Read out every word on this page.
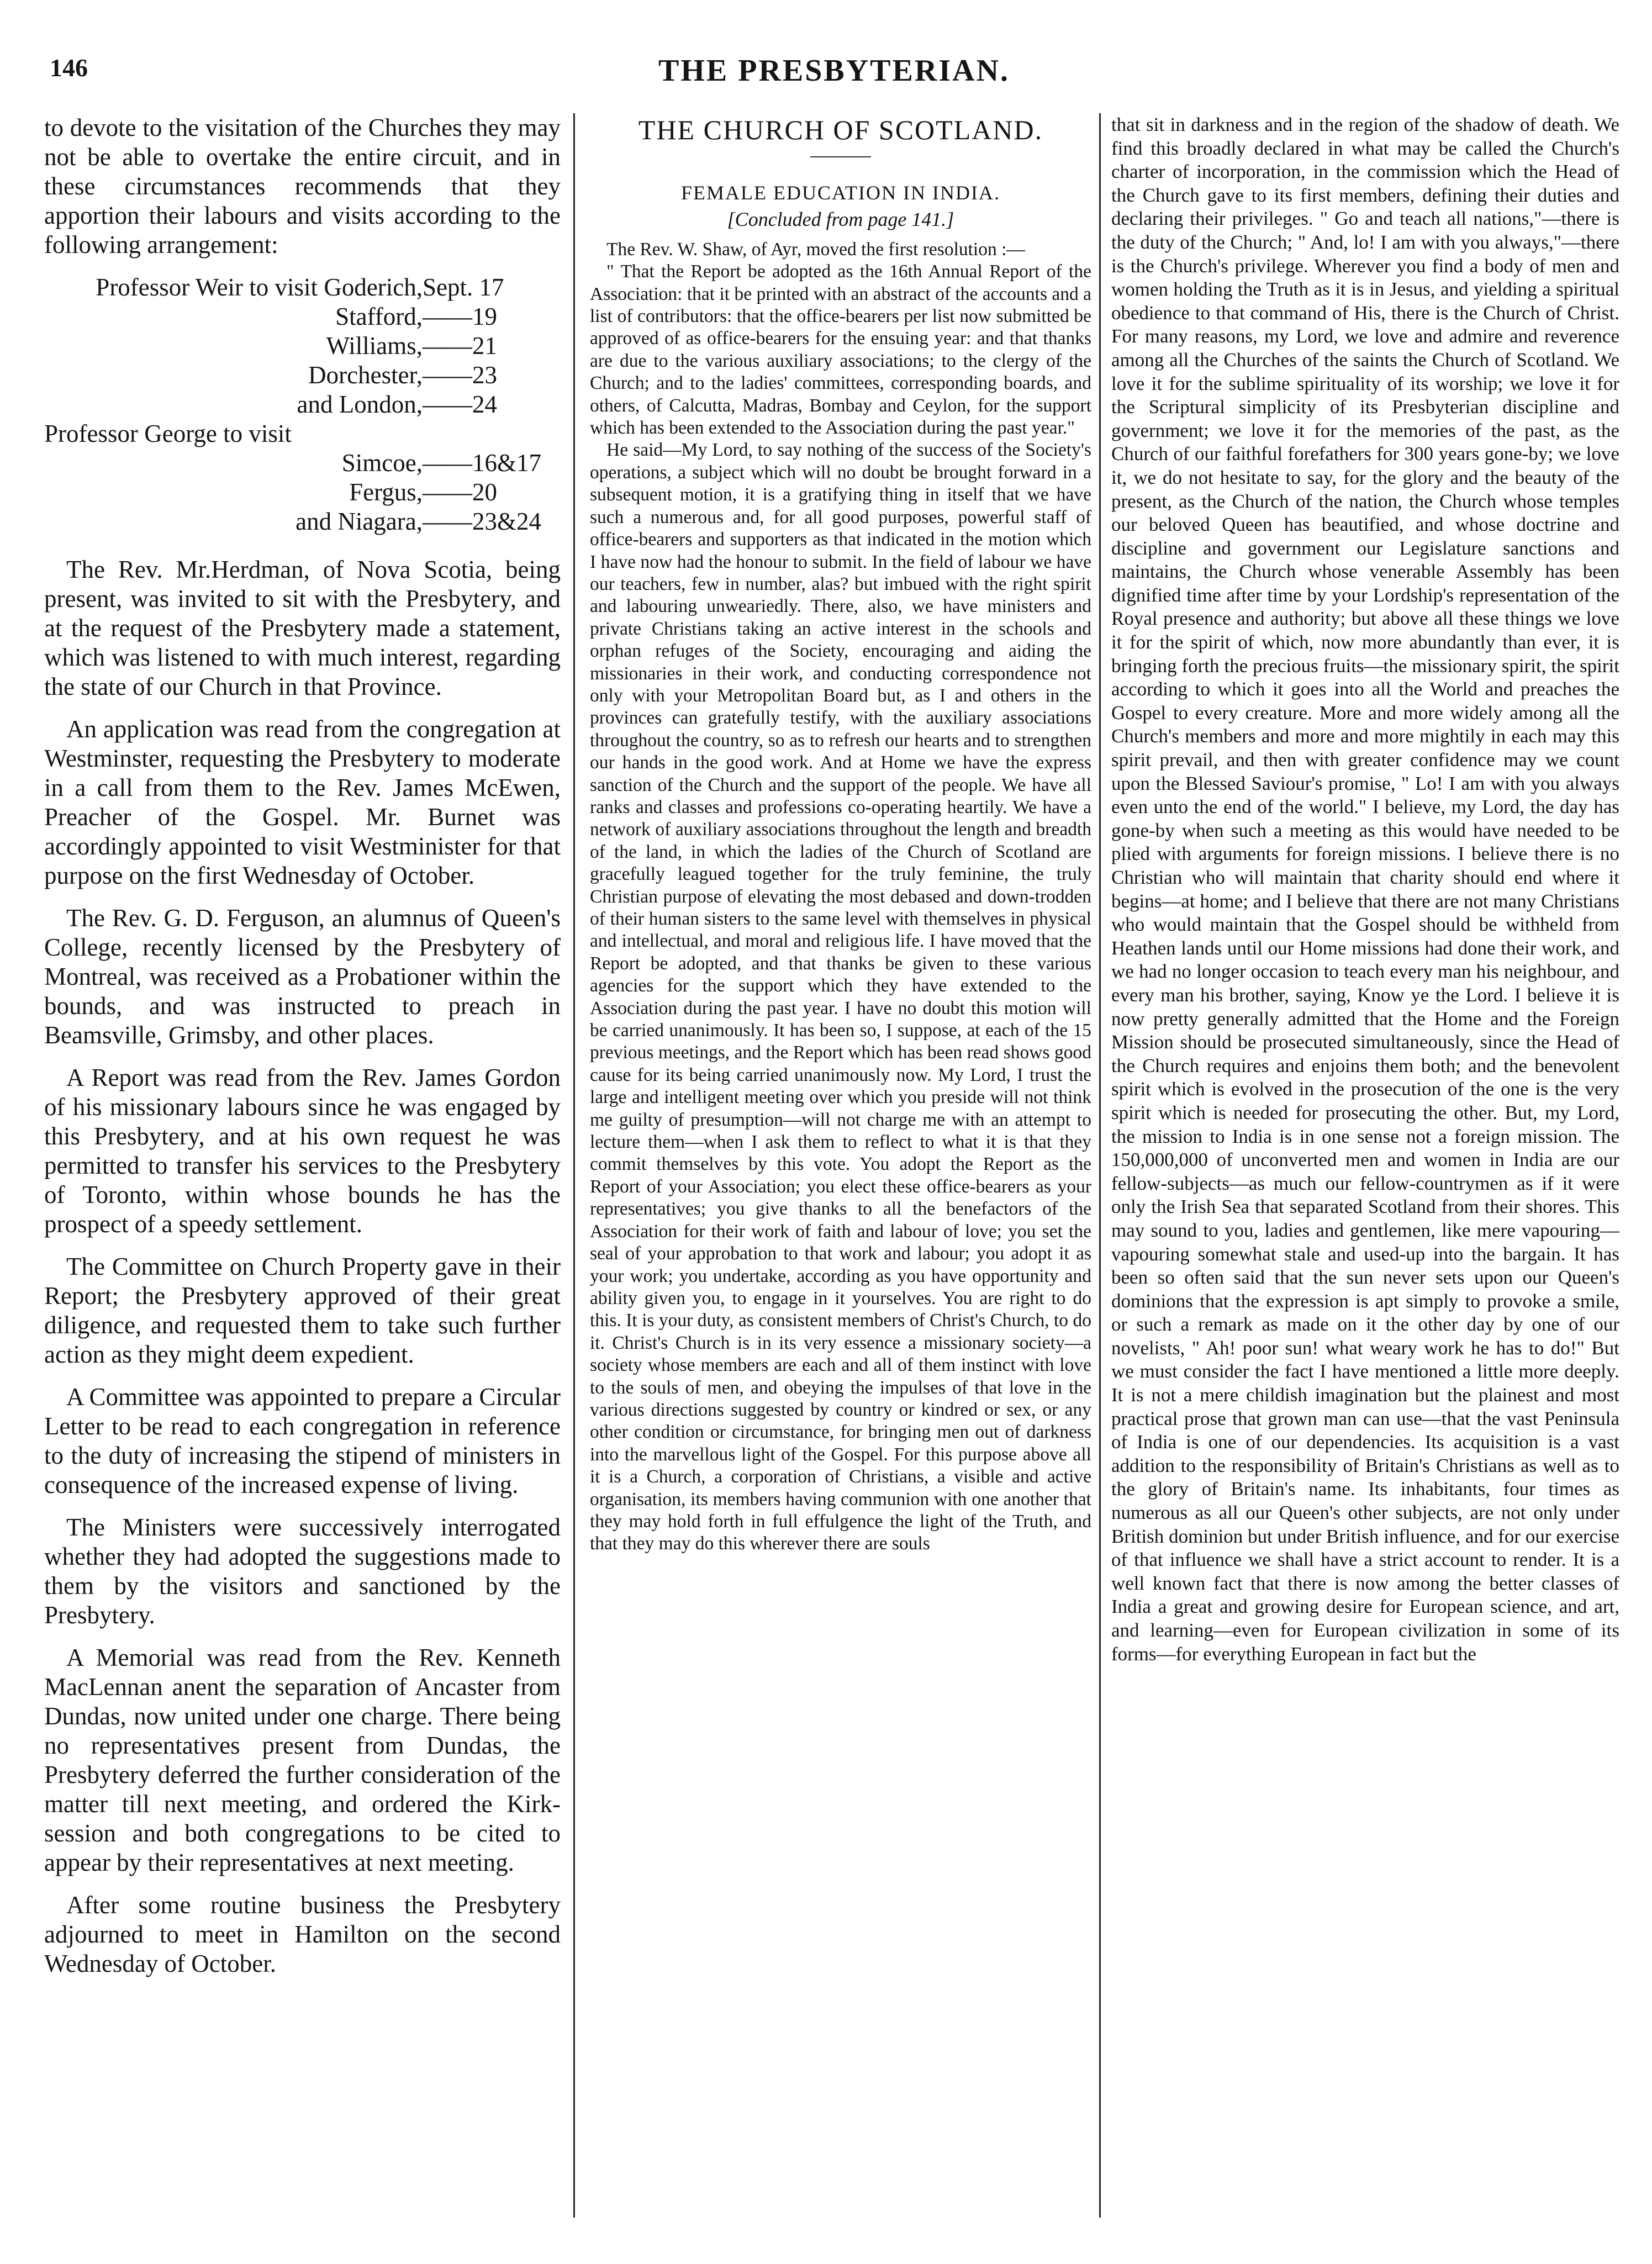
146	THE PRESBYTERIAN.

to devote to the visitation of the Churches they may not be able to overtake the entire circuit, and in these circumstances recommends that they apportion their labours and visits according to the following arrangement:

Professor Weir to visit Goderich, Sept. 17
Stafford, ——19
Williams, ——21
Dorchester, ——23
and London, ——24
Professor George to visit
Simcoe, ——16&17
Fergus, ——20
and Niagara, ——23&24

The Rev. Mr.Herdman, of Nova Scotia, being present, was invited to sit with the Presbytery, and at the request of the Presbytery made a statement, which was listened to with much interest, regarding the state of our Church in that Province.

An application was read from the congregation at Westminster, requesting the Presbytery to moderate in a call from them to the Rev. James McEwen, Preacher of the Gospel. Mr. Burnet was accordingly appointed to visit Westminister for that purpose on the first Wednesday of October.

The Rev. G. D. Ferguson, an alumnus of Queen's College, recently licensed by the Presbytery of Montreal, was received as a Probationer within the bounds, and was instructed to preach in Beamsville, Grimsby, and other places.

A Report was read from the Rev. James Gordon of his missionary labours since he was engaged by this Presbytery, and at his own request he was permitted to transfer his services to the Presbytery of Toronto, within whose bounds he has the prospect of a speedy settlement.

The Committee on Church Property gave in their Report; the Presbytery approved of their great diligence, and requested them to take such further action as they might deem expedient.

A Committee was appointed to prepare a Circular Letter to be read to each congregation in reference to the duty of increasing the stipend of ministers in consequence of the increased expense of living.

The Ministers were successively interrogated whether they had adopted the suggestions made to them by the visitors and sanctioned by the Presbytery.

A Memorial was read from the Rev. Kenneth MacLennan anent the separation of Ancaster from Dundas, now united under one charge. There being no representatives present from Dundas, the Presbytery deferred the further consideration of the matter till next meeting, and ordered the Kirk-session and both congregations to be cited to appear by their representatives at next meeting.

After some routine business the Presbytery adjourned to meet in Hamilton on the second Wednesday of October.

THE CHURCH OF SCOTLAND.
FEMALE EDUCATION IN INDIA.
[Concluded from page 141.]

The Rev. W. Shaw, of Ayr, moved the first resolution :—

" That the Report be adopted as the 16th Annual Report of the Association: that it be printed with an abstract of the accounts and a list of contributors: that the office-bearers per list now submitted be approved of as office-bearers for the ensuing year: and that thanks are due to the various auxiliary associations; to the clergy of the Church; and to the ladies' committees, corresponding boards, and others, of Calcutta, Madras, Bombay and Ceylon, for the support which has been extended to the Association during the past year."

He said—My Lord, to say nothing of the success of the Society's operations, a subject which will no doubt be brought forward in a subsequent motion, it is a gratifying thing in itself that we have such a numerous and, for all good purposes, powerful staff of office-bearers and supporters as that indicated in the motion which I have now had the honour to submit. In the field of labour we have our teachers, few in number, alas? but imbued with the right spirit and labouring unweariedly. There, also, we have ministers and private Christians taking an active interest in the schools and orphan refuges of the Society, encouraging and aiding the missionaries in their work, and conducting correspondence not only with your Metropolitan Board but, as I and others in the provinces can gratefully testify, with the auxiliary associations throughout the country, so as to refresh our hearts and to strengthen our hands in the good work. And at Home we have the express sanction of the Church and the support of the people. We have all ranks and classes and professions co-operating heartily. We have a network of auxiliary associations throughout the length and breadth of the land, in which the ladies of the Church of Scotland are gracefully leagued together for the truly feminine, the truly Christian purpose of elevating the most debased and down-trodden of their human sisters to the same level with themselves in physical and intellectual, and moral and religious life. I have moved that the Report be adopted, and that thanks be given to these various agencies for the support which they have extended to the Association during the past year. I have no doubt this motion will be carried unanimously. It has been so, I suppose, at each of the 15 previous meetings, and the Report which has been read shows good cause for its being carried unanimously now. My Lord, I trust the large and intelligent meeting over which you preside will not think me guilty of presumption—will not charge me with an attempt to lecture them—when I ask them to reflect to what it is that they commit themselves by this vote. You adopt the Report as the Report of your Association; you elect these office-bearers as your representatives; you give thanks to all the benefactors of the Association for their work of faith and labour of love; you set the seal of your approbation to that work and labour; you adopt it as your work; you undertake, according as you have opportunity and ability given you, to engage in it yourselves. You are right to do this. It is your duty, as consistent members of Christ's Church, to do it. Christ's Church is in its very essence a missionary society—a society whose members are each and all of them instinct with love to the souls of men, and obeying the impulses of that love in the various directions suggested by country or kindred or sex, or any other condition or circumstance, for bringing men out of darkness into the marvellous light of the Gospel. For this purpose above all it is a Church, a corporation of Christians, a visible and active organisation, its members having communion with one another that they may hold forth in full effulgence the light of the Truth, and that they may do this wherever there are souls

that sit in darkness and in the region of the shadow of death. We find this broadly declared in what may be called the Church's charter of incorporation, in the commission which the Head of the Church gave to its first members, defining their duties and declaring their privileges. " Go and teach all nations,"—there is the duty of the Church; " And, lo! I am with you always,"—there is the Church's privilege. Wherever you find a body of men and women holding the Truth as it is in Jesus, and yielding a spiritual obedience to that command of His, there is the Church of Christ. For many reasons, my Lord, we love and admire and reverence among all the Churches of the saints the Church of Scotland. We love it for the sublime spirituality of its worship; we love it for the Scriptural simplicity of its Presbyterian discipline and government; we love it for the memories of the past, as the Church of our faithful forefathers for 300 years gone-by; we love it, we do not hesitate to say, for the glory and the beauty of the present, as the Church of the nation, the Church whose temples our beloved Queen has beautified, and whose doctrine and discipline and government our Legislature sanctions and maintains, the Church whose venerable Assembly has been dignified time after time by your Lordship's representation of the Royal presence and authority; but above all these things we love it for the spirit of which, now more abundantly than ever, it is bringing forth the precious fruits—the missionary spirit, the spirit according to which it goes into all the World and preaches the Gospel to every creature. More and more widely among all the Church's members and more and more mightily in each may this spirit prevail, and then with greater confidence may we count upon the Blessed Saviour's promise, " Lo! I am with you always even unto the end of the world." I believe, my Lord, the day has gone-by when such a meeting as this would have needed to be plied with arguments for foreign missions. I believe there is no Christian who will maintain that charity should end where it begins—at home; and I believe that there are not many Christians who would maintain that the Gospel should be withheld from Heathen lands until our Home missions had done their work, and we had no longer occasion to teach every man his neighbour, and every man his brother, saying, Know ye the Lord. I believe it is now pretty generally admitted that the Home and the Foreign Mission should be prosecuted simultaneously, since the Head of the Church requires and enjoins them both; and the benevolent spirit which is evolved in the prosecution of the one is the very spirit which is needed for prosecuting the other. But, my Lord, the mission to India is in one sense not a foreign mission. The 150,000,000 of unconverted men and women in India are our fellow-subjects—as much our fellow-countrymen as if it were only the Irish Sea that separated Scotland from their shores. This may sound to you, ladies and gentlemen, like mere vapouring—vapouring somewhat stale and used-up into the bargain. It has been so often said that the sun never sets upon our Queen's dominions that the expression is apt simply to provoke a smile, or such a remark as made on it the other day by one of our novelists, " Ah! poor sun! what weary work he has to do!" But we must consider the fact I have mentioned a little more deeply. It is not a mere childish imagination but the plainest and most practical prose that grown man can use—that the vast Peninsula of India is one of our dependencies. Its acquisition is a vast addition to the responsibility of Britain's Christians as well as to the glory of Britain's name. Its inhabitants, four times as numerous as all our Queen's other subjects, are not only under British dominion but under British influence, and for our exercise of that influence we shall have a strict account to render. It is a well known fact that there is now among the better classes of India a great and growing desire for European science, and art, and learning—even for European civilization in some of its forms—for everything European in fact but the
